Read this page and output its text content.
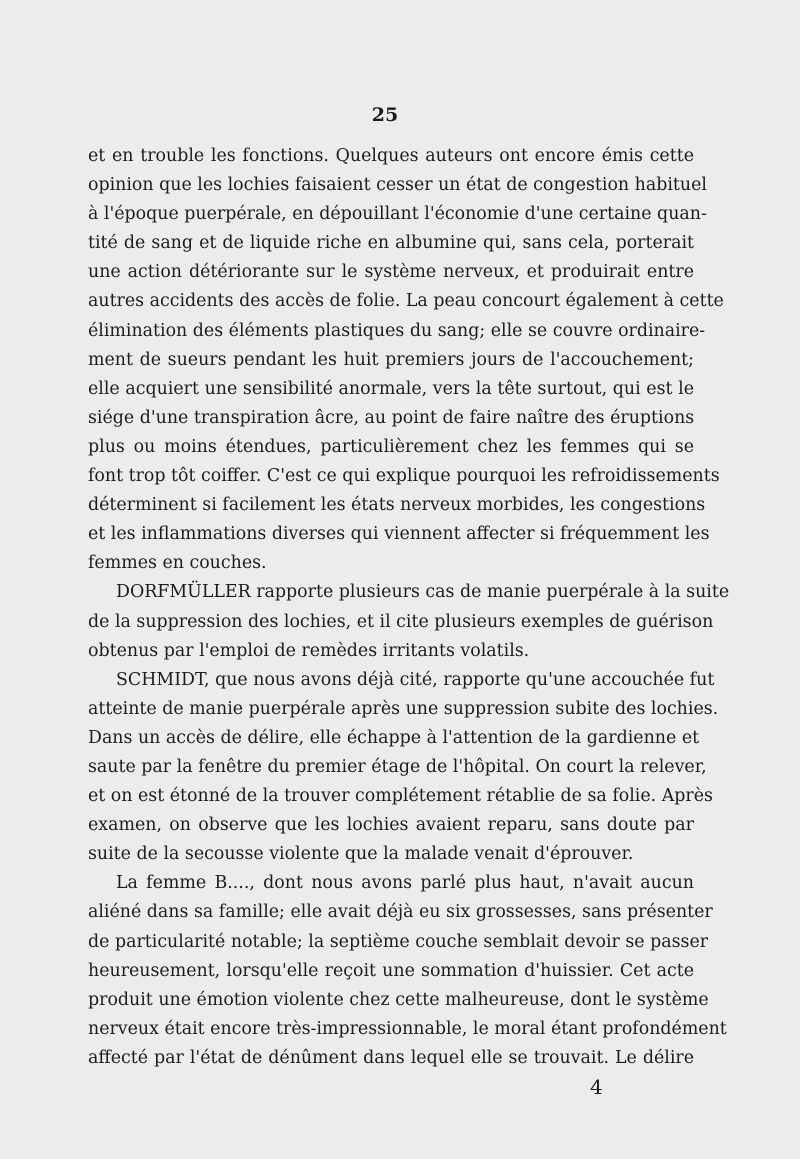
25

et en trouble les fonctions. Quelques auteurs ont encore émis cette
opinion que les lochies faisaient cesser un état de congestion habituel
à l'époque puerpérale, en dépouillant l'économie d'une certaine quan-
tité de sang et de liquide riche en albumine qui, sans cela, porterait
une action détériorante sur le système nerveux, et produirait entre
autres accidents des accès de folie. La peau concourt également à cette
élimination des éléments plastiques du sang; elle se couvre ordinaire-
ment de sueurs pendant les huit premiers jours de l'accouchement;
elle acquiert une sensibilité anormale, vers la tête surtout, qui est le
siége d'une transpiration âcre, au point de faire naître des éruptions
plus ou moins étendues, particulièrement chez les femmes qui se
font trop tôt coiffer. C'est ce qui explique pourquoi les refroidissements
déterminent si facilement les états nerveux morbides, les congestions
et les inflammations diverses qui viennent affecter si fréquemment les
femmes en couches.
DORFMÜLLER rapporte plusieurs cas de manie puerpérale à la suite
de la suppression des lochies, et il cite plusieurs exemples de guérison
obtenus par l'emploi de remèdes irritants volatils.
SCHMIDT, que nous avons déjà cité, rapporte qu'une accouchée fut
atteinte de manie puerpérale après une suppression subite des lochies.
Dans un accès de délire, elle échappe à l'attention de la gardienne et
saute par la fenêtre du premier étage de l'hôpital. On court la relever,
et on est étonné de la trouver complétement rétablie de sa folie. Après
examen, on observe que les lochies avaient reparu, sans doute par
suite de la secousse violente que la malade venait d'éprouver.
La femme B...., dont nous avons parlé plus haut, n'avait aucun
aliéné dans sa famille; elle avait déjà eu six grossesses, sans présenter
de particularité notable; la septième couche semblait devoir se passer
heureusement, lorsqu'elle reçoit une sommation d'huissier. Cet acte
produit une émotion violente chez cette malheureuse, dont le système
nerveux était encore très-impressionnable, le moral étant profondément
affecté par l'état de dénûment dans lequel elle se trouvait. Le délire

4
